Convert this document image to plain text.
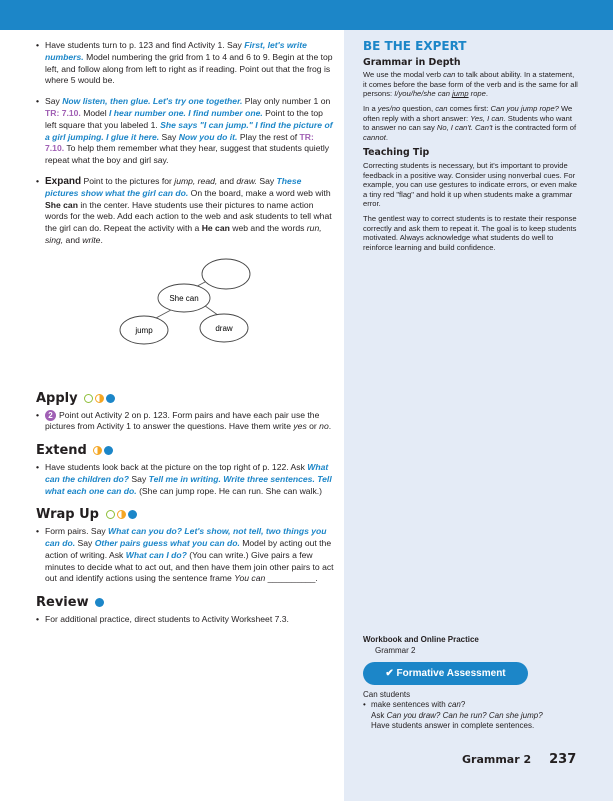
• Have students turn to p. 123 and find Activity 1. Say First, let's write numbers. Model numbering the grid from 1 to 4 and 6 to 9. Begin at the top left, and follow along from left to right as if reading. Point out that the frog is where 5 would be.
• Say Now listen, then glue. Let's try one together. Play only number 1 on TR: 7.10. Model I hear number one. I find number one. Point to the top left square that you labeled 1. She says "I can jump." I find the picture of a girl jumping. I glue it here. Say Now you do it. Play the rest of TR: 7.10. To help them remember what they hear, suggest that students quietly repeat what the boy and girl say.
• Expand Point to the pictures for jump, read, and draw. Say These pictures show what the girl can do. On the board, make a word web with She can in the center. Have students use their pictures to name action words for the web. Add each action to the web and ask students to tell what the girl can do. Repeat the activity with a He can web and the words run, sing, and write.
She can
jump	draw
Apply
• 2 Point out Activity 2 on p. 123. Form pairs and have each pair use the pictures from Activity 1 to answer the questions. Have them write yes or no.
Extend
• Have students look back at the picture on the top right of p. 122. Ask What can the children do? Say Tell me in writing. Write three sentences. Tell what each one can do. (She can jump rope. He can run. She can walk.)
Wrap Up
• Form pairs. Say What can you do? Let's show, not tell, two things you can do. Say Other pairs guess what you can do. Model by acting out the action of writing. Ask What can I do? (You can write.) Give pairs a few minutes to decide what to act out, and then have them join other pairs to act out and identify actions using the sentence frame You can __________.
Review
• For additional practice, direct students to Activity Worksheet 7.3.
BE THE EXPERT
Grammar in Depth

We use the modal verb can to talk about ability. In a statement, it comes before the base form of the verb and is the same for all persons: I/you/he/she can jump rope.

In a yes/no question, can comes first: Can you jump rope? We often reply with a short answer: Yes, I can. Students who want to answer no can say No, I can't. Can't is the contracted form of cannot.

Teaching Tip

Correcting students is necessary, but it's important to provide feedback in a positive way. Consider using nonverbal cues. For example, you can use gestures to indicate errors, or even make a tiny red "flag" and hold it up when students make a grammar error.

The gentlest way to correct students is to restate their response correctly and ask them to repeat it. The goal is to keep students motivated. Always acknowledge what students do well to reinforce learning and build confidence.

Workbook and Online Practice
Grammar 2
✔ Formative Assessment
Can students
• make sentences with can?
Ask Can you draw? Can he run? Can she jump?
Have students answer in complete sentences.
Grammar 2 237
